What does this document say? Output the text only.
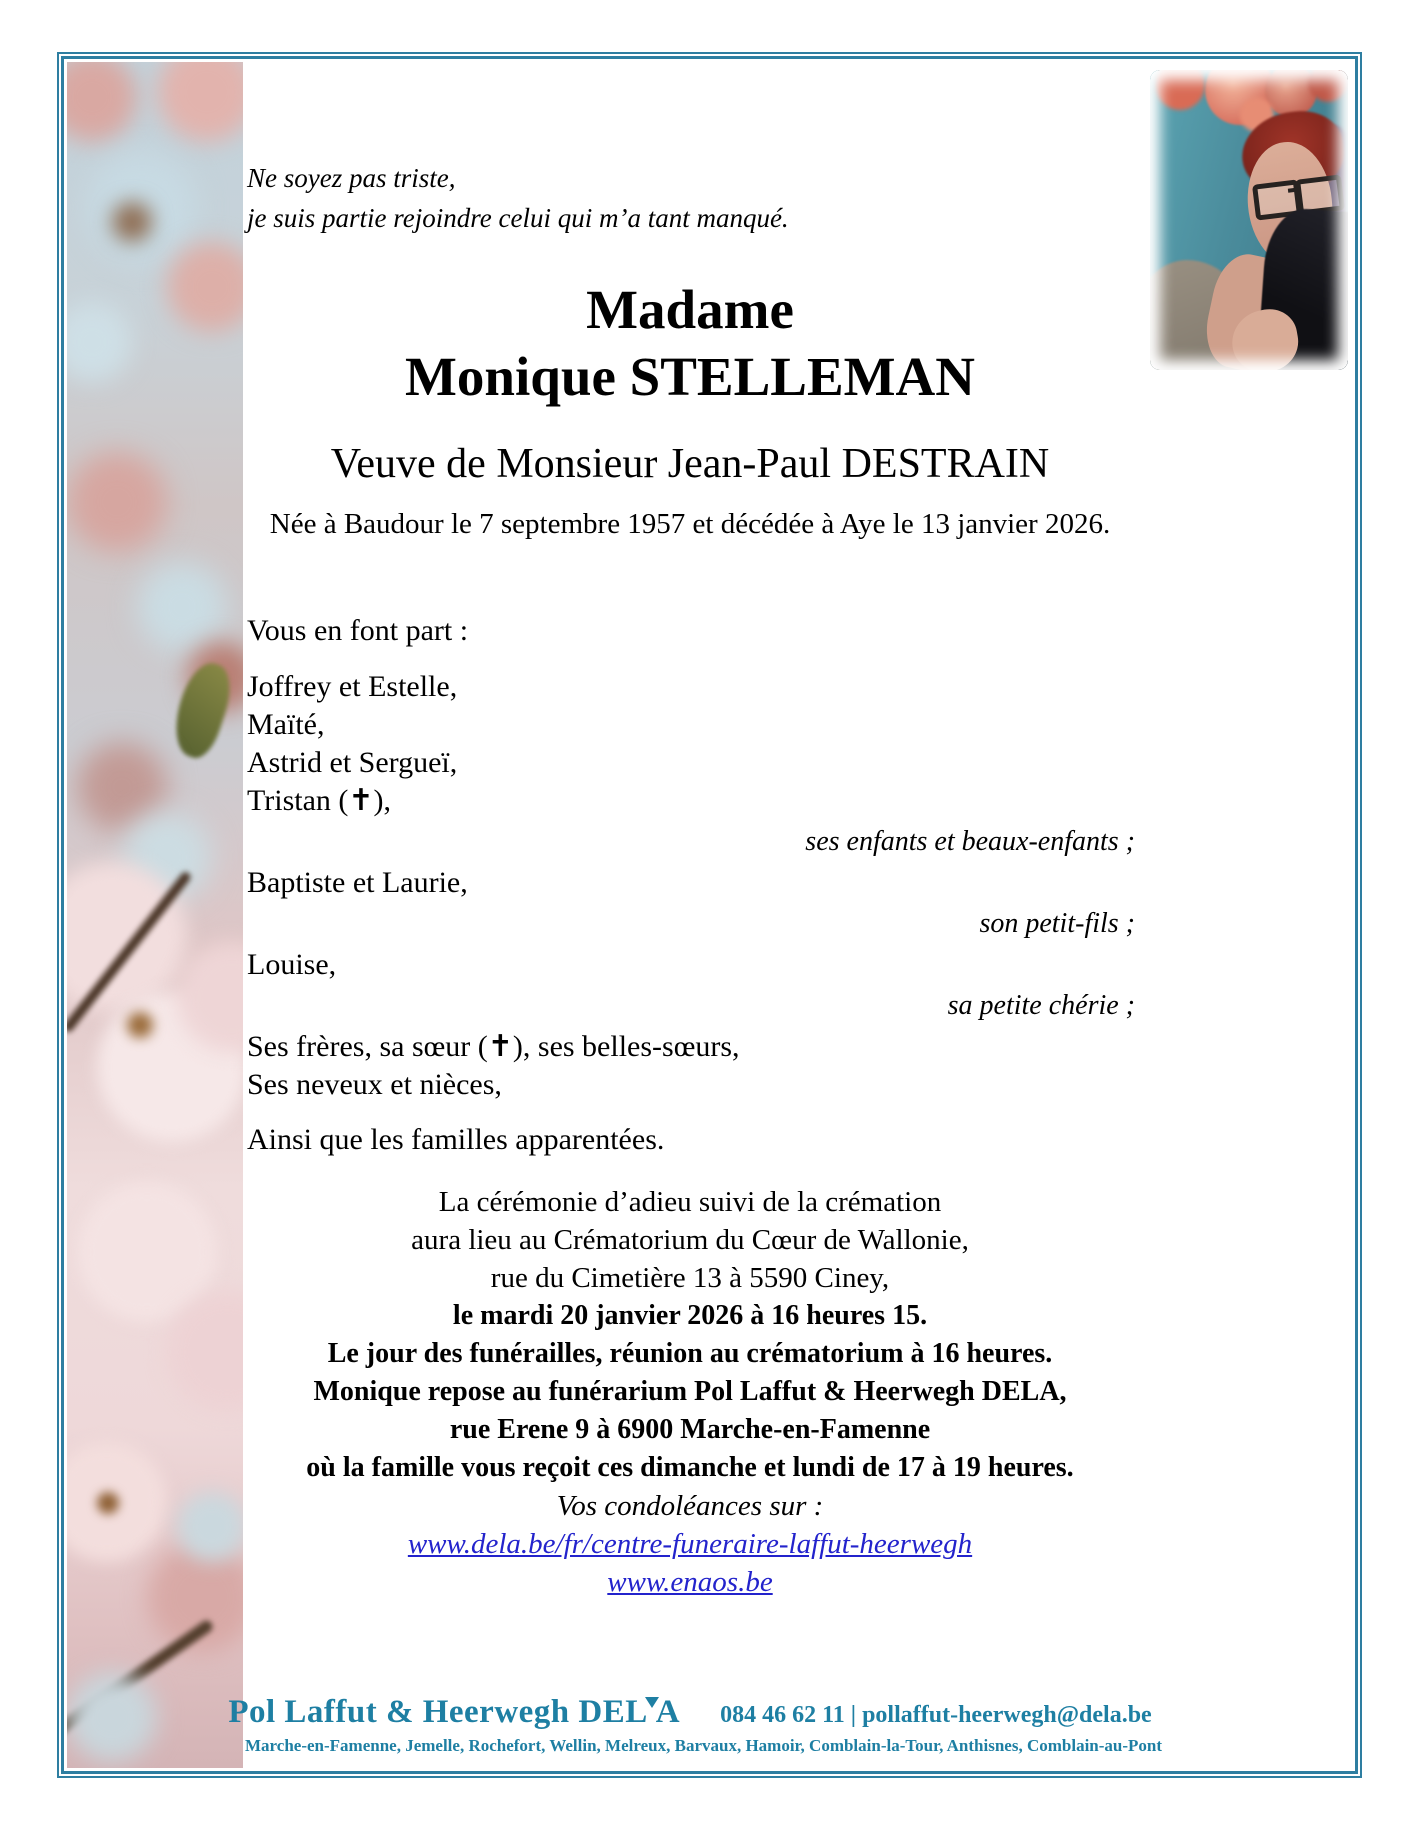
Ne soyez pas triste,
je suis partie rejoindre celui qui m’a tant manqué.
Madame
Monique STELLEMAN
Veuve de Monsieur Jean-Paul DESTRAIN
Née à Baudour le 7 septembre 1957 et décédée à Aye le 13 janvier 2026.

Vous en font part :

Joffrey et Estelle,

Maïté,

Astrid et Sergueï,

Tristan (✝),

ses enfants et beaux-enfants ;

Baptiste et Laurie,

son petit-fils ;

Louise,

sa petite chérie ;

Ses frères, sa sœur (✝), ses belles-sœurs,

Ses neveux et nièces,

Ainsi que les familles apparentées.

La cérémonie d’adieu suivi de la crémation

aura lieu au Crématorium du Cœur de Wallonie,

rue du Cimetière 13 à 5590 Ciney,

le mardi 20 janvier 2026 à 16 heures 15.

Le jour des funérailles, réunion au crématorium à 16 heures.

Monique repose au funérarium Pol Laffut & Heerwegh DELA,

rue Erene 9 à 6900 Marche-en-Famenne

où la famille vous reçoit ces dimanche et lundi de 17 à 19 heures.

Vos condoléances sur :

www.dela.be/fr/centre-funeraire-laffut-heerwegh

www.enaos.be

Pol Laffut & Heerwegh DEL A 084 46 62 11 | pollaffut-heerwegh@dela.be
Marche-en-Famenne, Jemelle, Rochefort, Wellin, Melreux, Barvaux, Hamoir, Comblain-la-Tour, Anthisnes, Comblain-au-Pont
